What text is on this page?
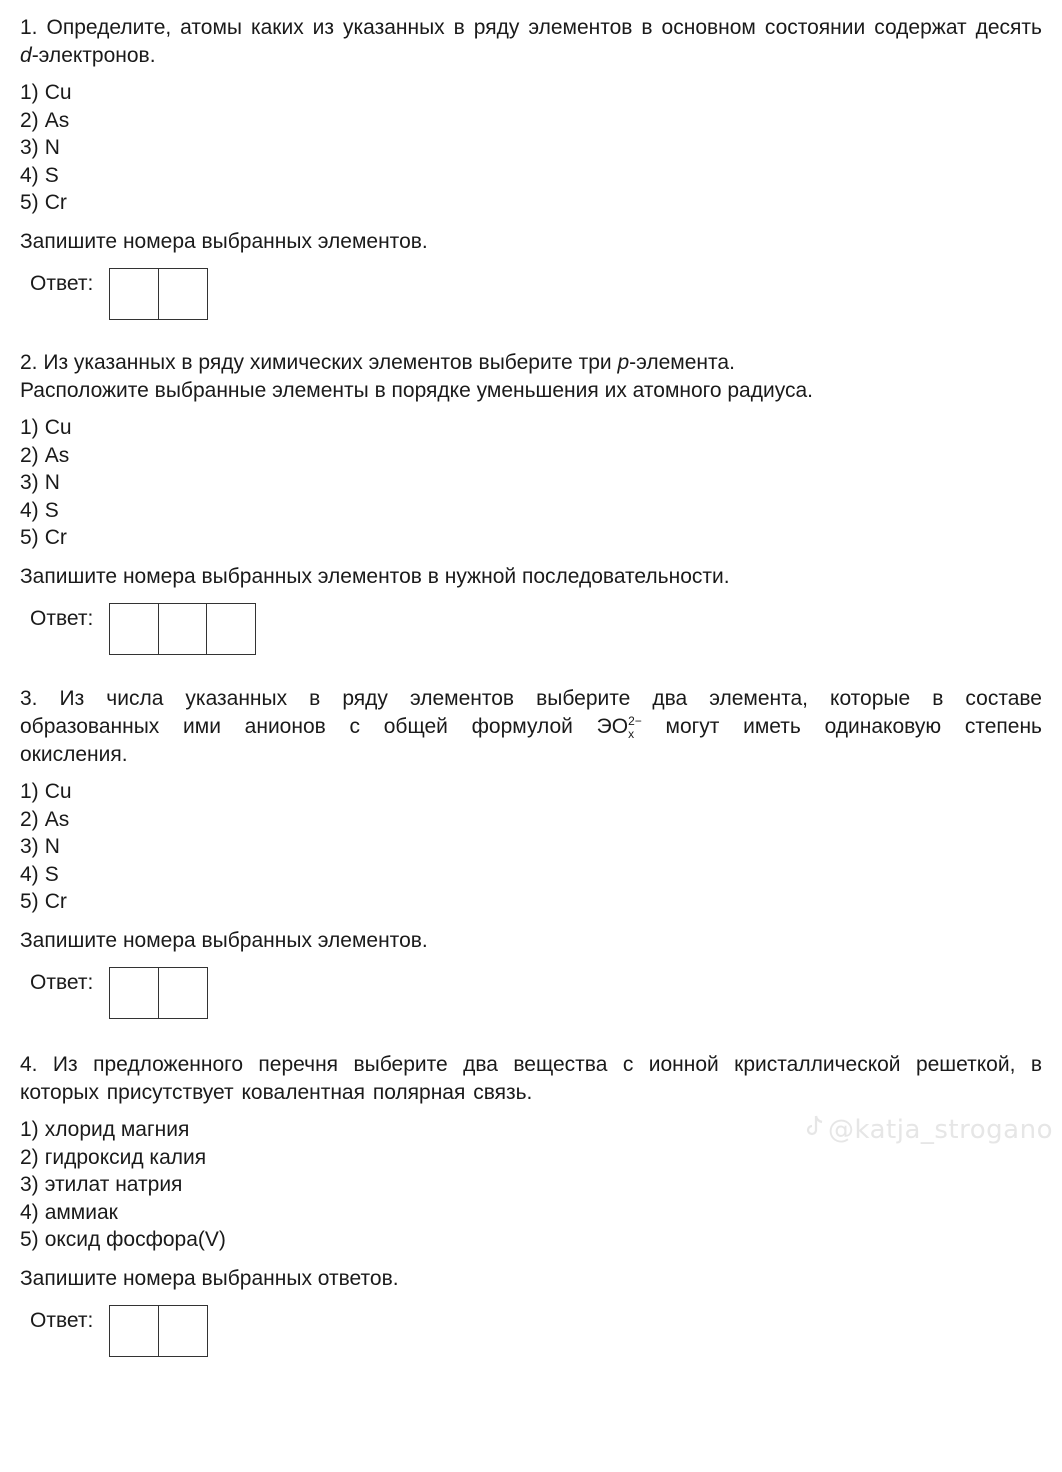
1. Определите, атомы каких из указанных в ряду элементов в основном состоянии содержат десять d-электронов.

1) Cu
2) As
3) N
4) S
5) Cr
Запишите номера выбранных элементов.
Ответ:

2. Из указанных в ряду химических элементов выберите три p-элемента.
Расположите выбранные элементы в порядке уменьшения их атомного радиуса.

1) Cu
2) As
3) N
4) S
5) Cr
Запишите номера выбранных элементов в нужной последовательности.
Ответ:

3. Из числа указанных в ряду элементов выберите два элемента, которые в составе образованных ими анионов с общей формулой $ЭО_x^{2-}$ могут иметь одинаковую степень окисления.

1) Cu
2) As
3) N
4) S
5) Cr
Запишите номера выбранных элементов.
Ответ:

4. Из предложенного перечня выберите два вещества с ионной кристаллической решеткой, в которых присутствует ковалентная полярная связь.

1) хлорид магния
2) гидроксид калия
3) этилат натрия
4) аммиак
5) оксид фосфора(V)
Запишите номера выбранных ответов.
Ответ:
@katja_strogano
